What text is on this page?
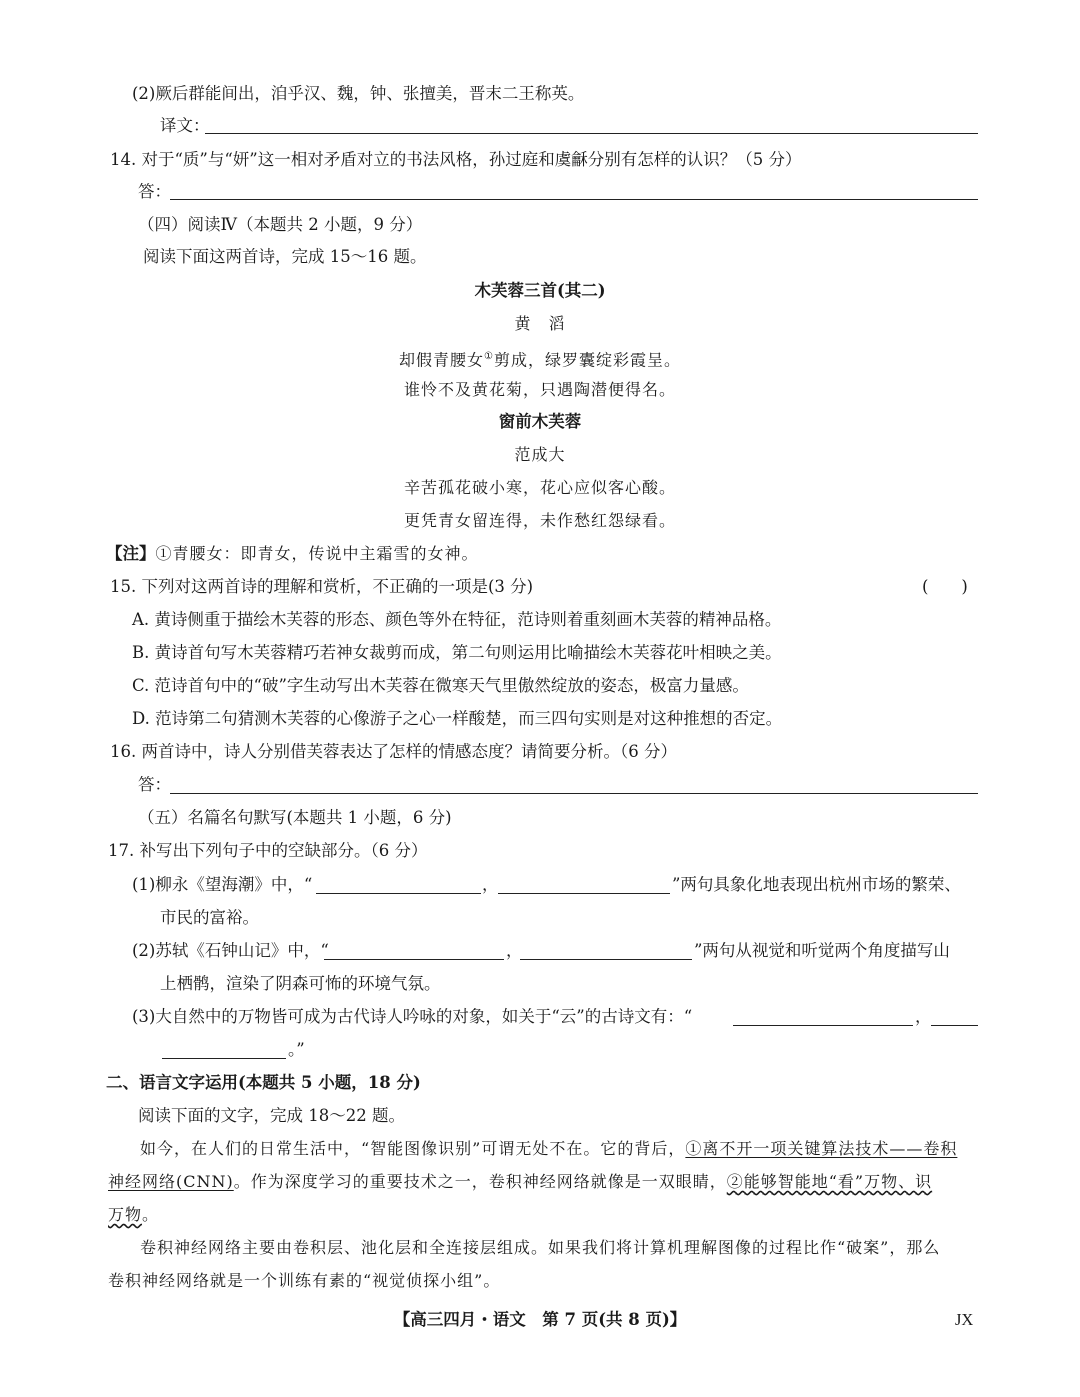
(2)厥后群能间出，洎乎汉、魏，钟、张擅美，晋末二王称英。
译文：
14. 对于“质”与“妍”这一相对矛盾对立的书法风格，孙过庭和虞龢分别有怎样的认识？（5 分）
答：
（四）阅读Ⅳ（本题共 2 小题，9 分）
阅读下面这两首诗，完成 15～16 题。
木芙蓉三首(其二)
黄　滔
却假青腰女①剪成，绿罗囊绽彩霞呈。
谁怜不及黄花菊，只遇陶潜便得名。
窗前木芙蓉
范成大
辛苦孤花破小寒，花心应似客心酸。
更凭青女留连得，未作愁红怨绿看。
【注】①青腰女：即青女，传说中主霜雪的女神。
15. 下列对这两首诗的理解和赏析，不正确的一项是(3 分)	(　　)
A. 黄诗侧重于描绘木芙蓉的形态、颜色等外在特征，范诗则着重刻画木芙蓉的精神品格。
B. 黄诗首句写木芙蓉精巧若神女裁剪而成，第二句则运用比喻描绘木芙蓉花叶相映之美。
C. 范诗首句中的“破”字生动写出木芙蓉在微寒天气里傲然绽放的姿态，极富力量感。
D. 范诗第二句猜测木芙蓉的心像游子之心一样酸楚，而三四句实则是对这种推想的否定。
16. 两首诗中，诗人分别借芙蓉表达了怎样的情感态度？请简要分析。（6 分）
答：
（五）名篇名句默写(本题共 1 小题，6 分)
17. 补写出下列句子中的空缺部分。（6 分）
(1)柳永《望海潮》中，“	，	”两句具象化地表现出杭州市场的繁荣、
市民的富裕。
(2)苏轼《石钟山记》中，“	，	”两句从视觉和听觉两个角度描写山
上栖鹘，渲染了阴森可怖的环境气氛。
(3)大自然中的万物皆可成为古代诗人吟咏的对象，如关于“云”的古诗文有：“	，
。”
二、语言文字运用(本题共 5 小题，18 分)
阅读下面的文字，完成 18～22 题。
如今，在人们的日常生活中，“智能图像识别”可谓无处不在。它的背后，①离不开一项关键算法技术——卷积
神经网络(CNN)。作为深度学习的重要技术之一，卷积神经网络就像是一双眼睛，②能够智能地“看”万物、识
万物。
卷积神经网络主要由卷积层、池化层和全连接层组成。如果我们将计算机理解图像的过程比作“破案”，那么
卷积神经网络就是一个训练有素的“视觉侦探小组”。
【高三四月・语文　第 7 页(共 8 页)】	JX
